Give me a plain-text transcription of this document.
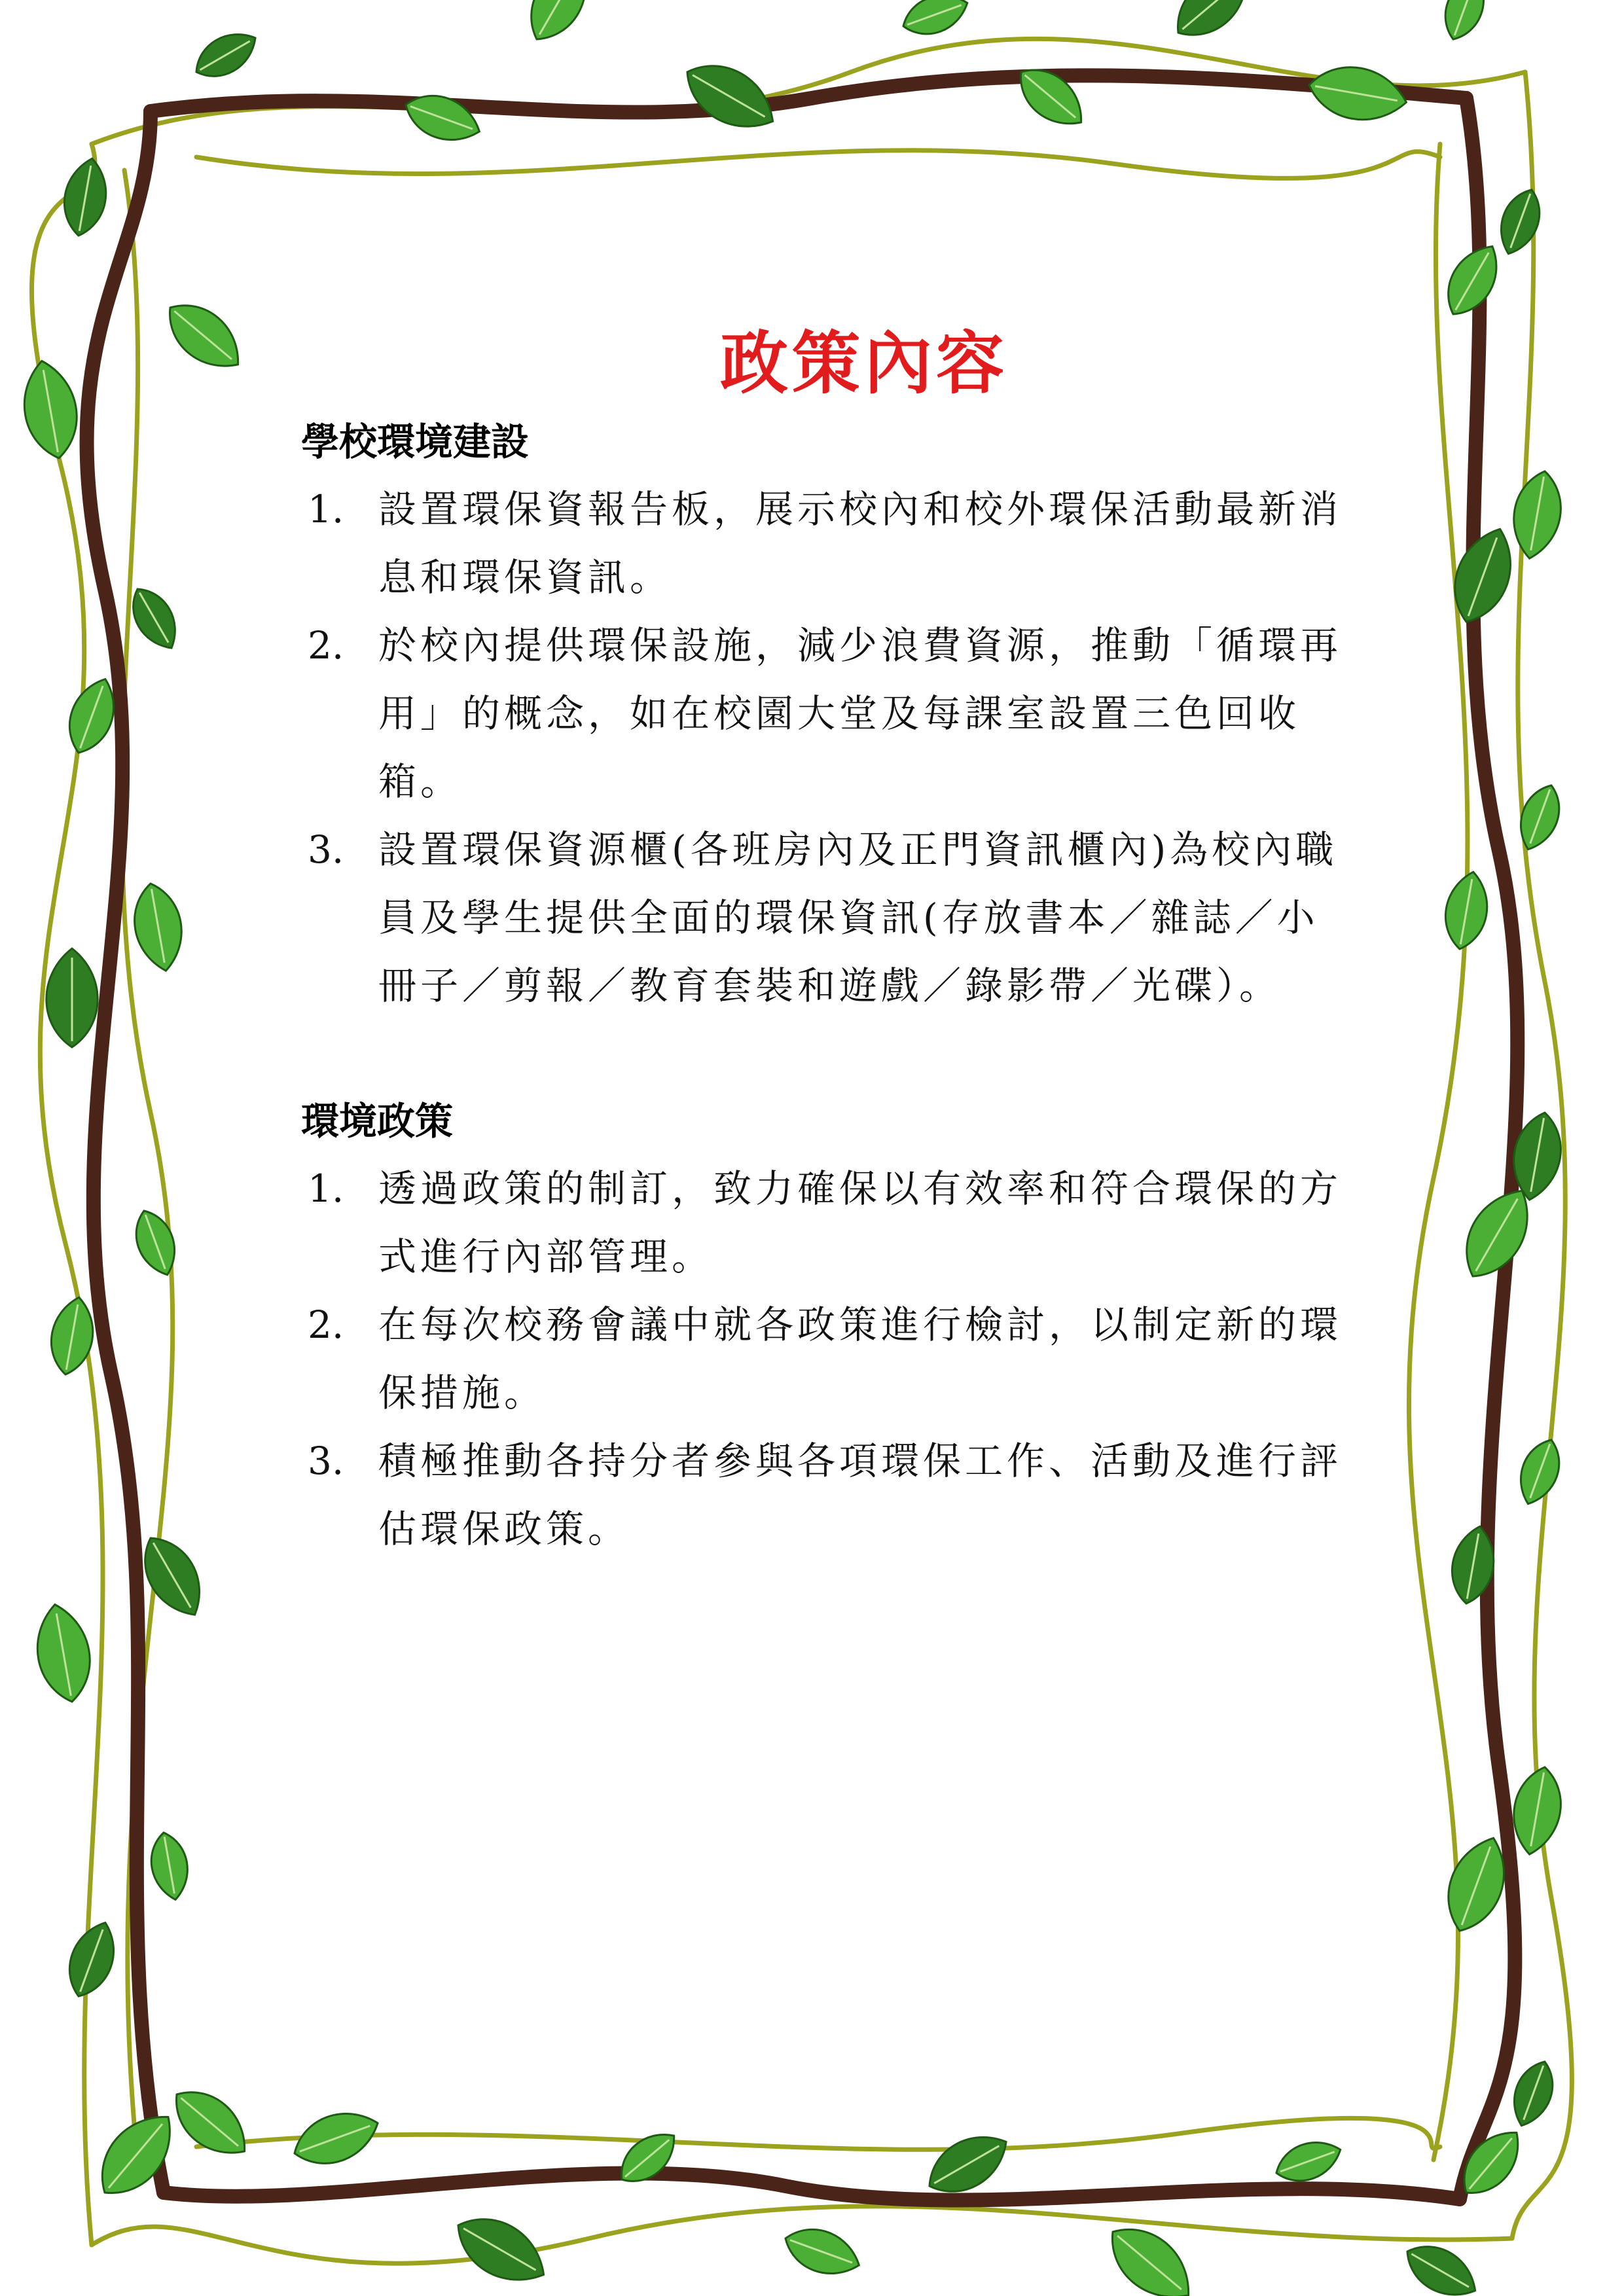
政策內容
學校環境建設
1. 設置環保資報告板，展示校內和校外環保活動最新消息和環保資訊。
2. 於校內提供環保設施，減少浪費資源，推動「循環再用」的概念，如在校園大堂及每課室設置三色回收箱。
3. 設置環保資源櫃(各班房內及正門資訊櫃內)為校內職員及學生提供全面的環保資訊(存放書本／雜誌／小冊子／剪報／教育套裝和遊戲／錄影帶／光碟）。
環境政策
1. 透過政策的制訂，致力確保以有效率和符合環保的方式進行內部管理。
2. 在每次校務會議中就各政策進行檢討，以制定新的環保措施。
3. 積極推動各持分者參與各項環保工作、活動及進行評估環保政策。
